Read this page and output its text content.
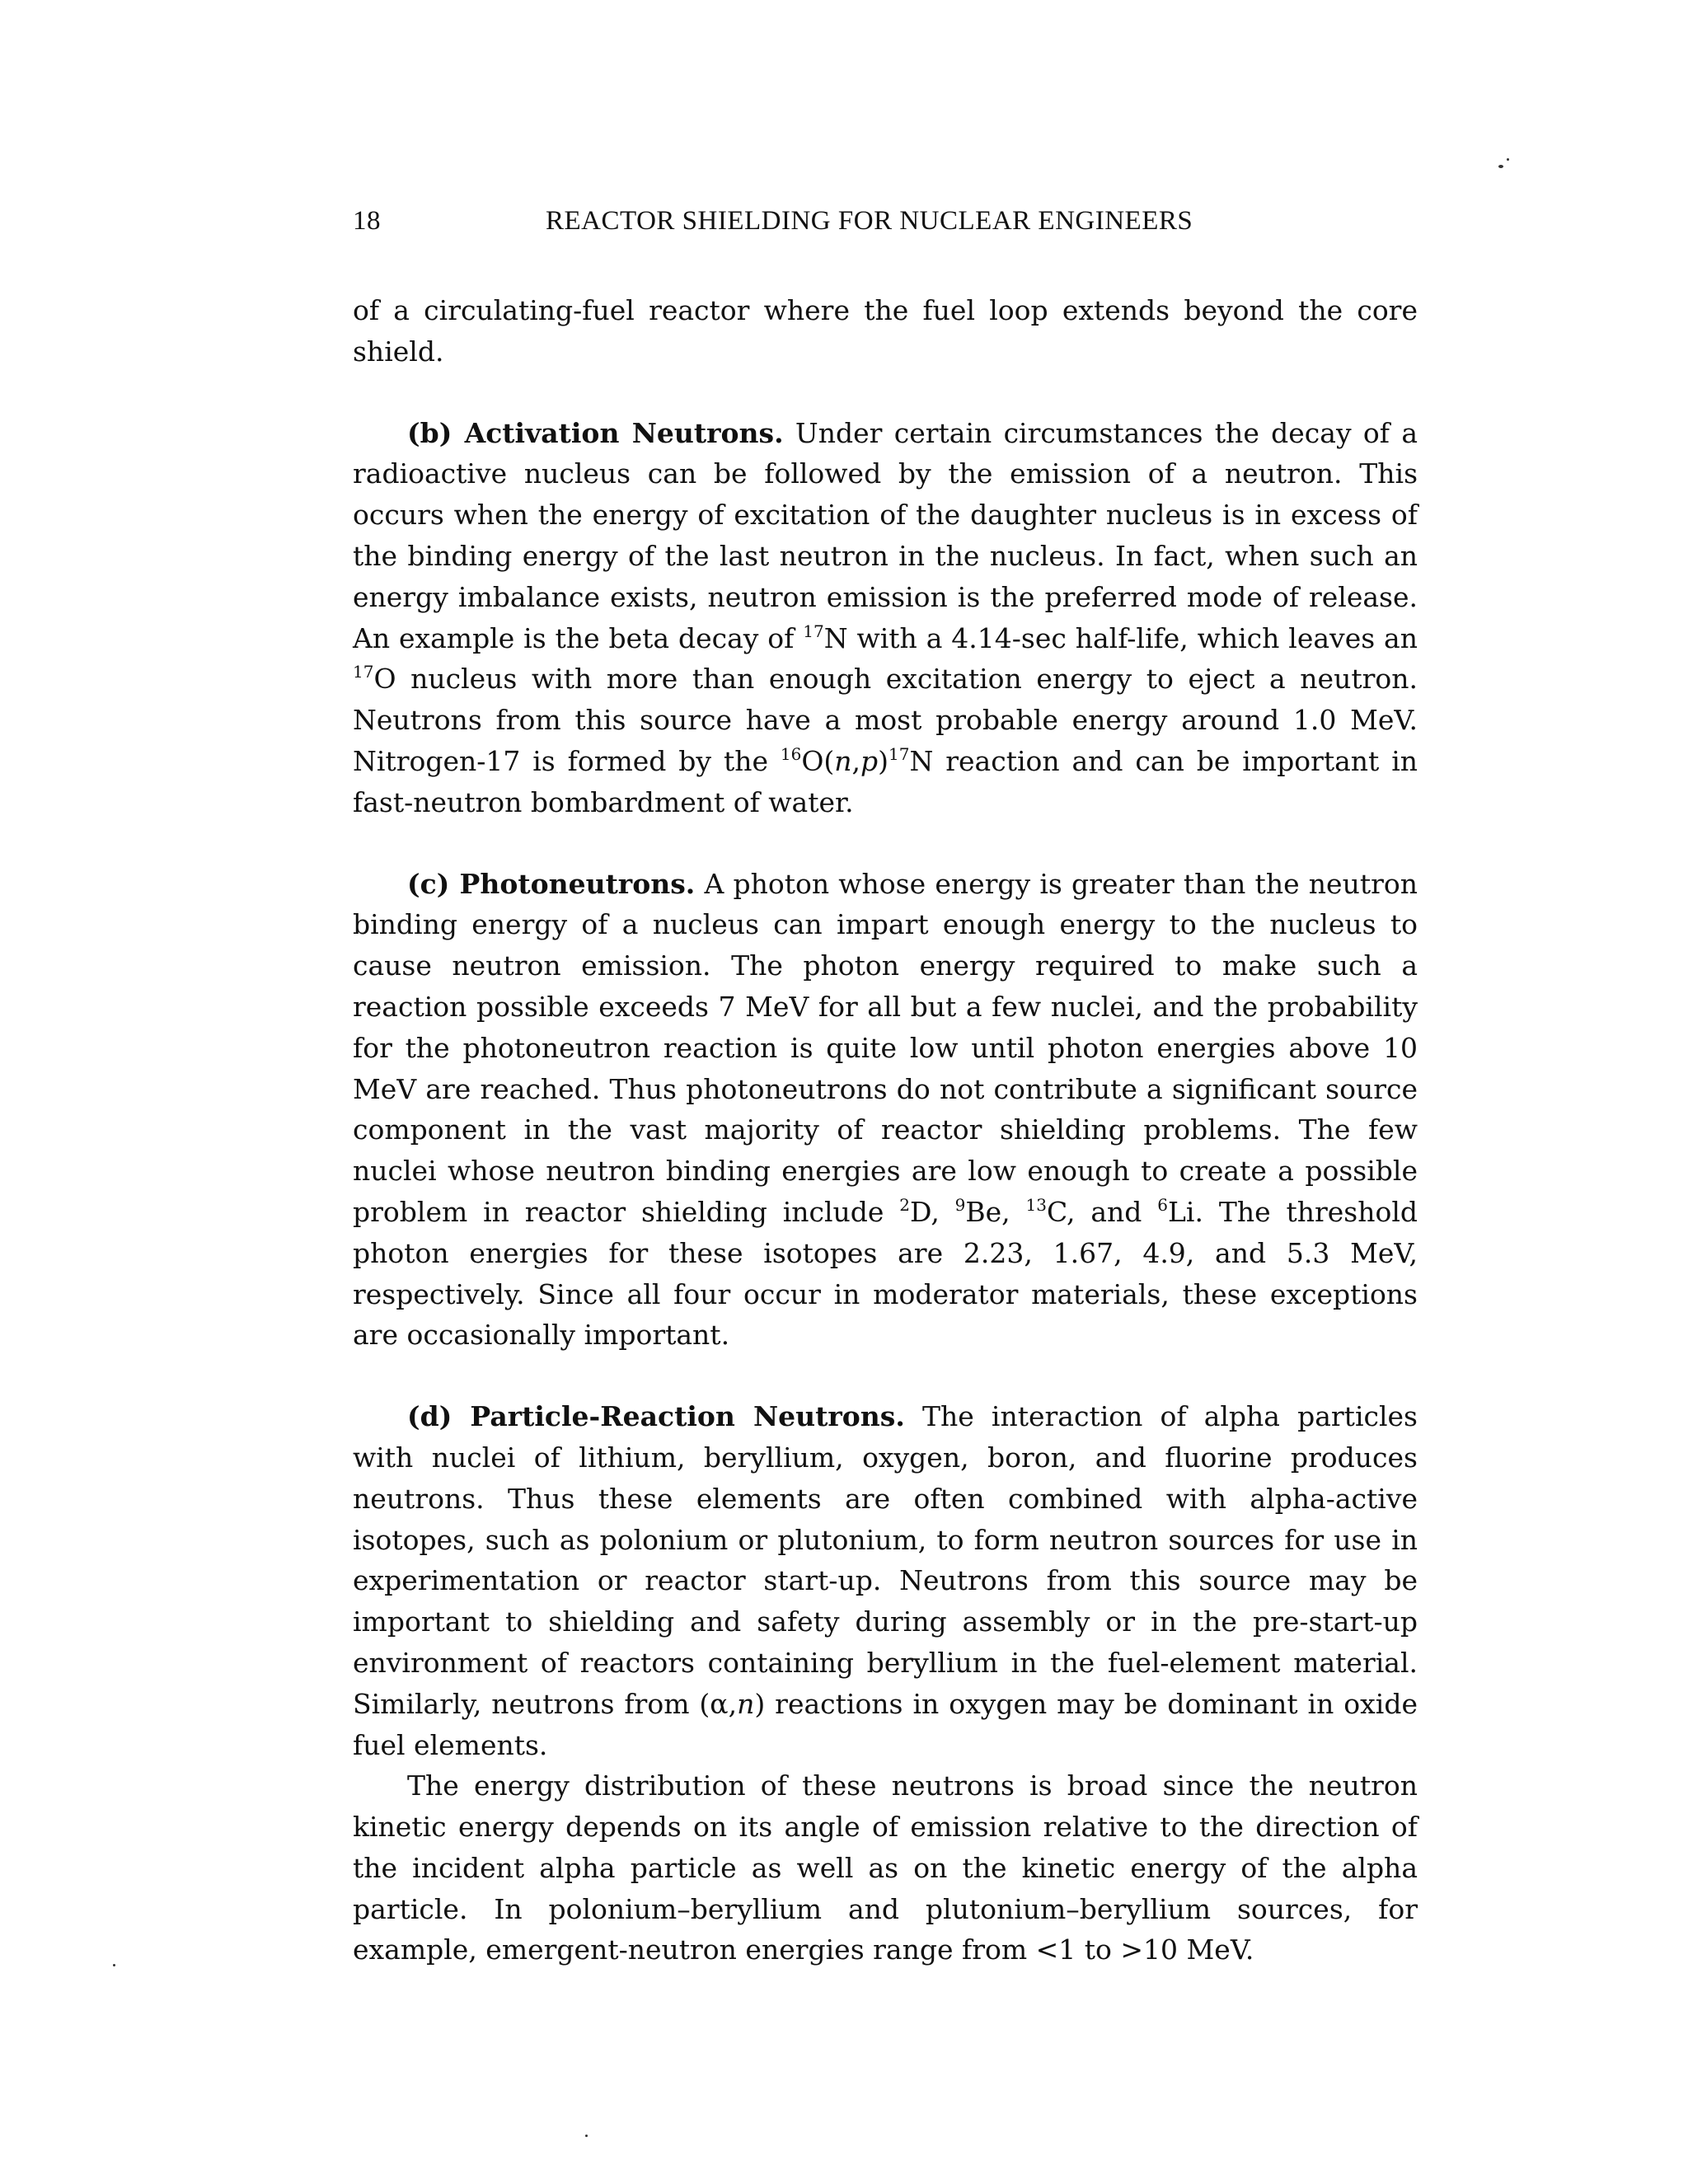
18	REACTOR SHIELDING FOR NUCLEAR ENGINEERS

of a circulating-fuel reactor where the fuel loop extends beyond the core shield.

(b) Activation Neutrons. Under certain circumstances the decay of a radioactive nucleus can be followed by the emission of a neutron. This occurs when the energy of excitation of the daughter nucleus is in excess of the binding energy of the last neutron in the nucleus. In fact, when such an energy imbalance exists, neutron emission is the preferred mode of release. An example is the beta decay of $^{17}$N with a 4.14-sec half-life, which leaves an $^{17}$O nucleus with more than enough excitation energy to eject a neutron. Neutrons from this source have a most probable energy around 1.0 MeV. Nitrogen-17 is formed by the $^{16}O(n,p)^{17}N$ reaction and can be important in fast-neutron bombardment of water.

(c) Photoneutrons. A photon whose energy is greater than the neutron binding energy of a nucleus can impart enough energy to the nucleus to cause neutron emission. The photon energy required to make such a reaction possible exceeds 7 MeV for all but a few nuclei, and the probability for the photoneutron reaction is quite low until photon energies above 10 MeV are reached. Thus photoneutrons do not contribute a significant source component in the vast majority of reactor shielding problems. The few nuclei whose neutron binding energies are low enough to create a possible problem in reactor shielding include $^2$D, $^9$Be, $^{13}$C, and $^6$Li. The threshold photon energies for these isotopes are 2.23, 1.67, 4.9, and 5.3 MeV, respectively. Since all four occur in moderator materials, these exceptions are occasionally important.

(d) Particle-Reaction Neutrons. The interaction of alpha particles with nuclei of lithium, beryllium, oxygen, boron, and fluorine produces neutrons. Thus these elements are often combined with alpha-active isotopes, such as polonium or plutonium, to form neutron sources for use in experimentation or reactor start-up. Neutrons from this source may be important to shielding and safety during assembly or in the pre-start-up environment of reactors containing beryllium in the fuel-element material. Similarly, neutrons from (α,n) reactions in oxygen may be dominant in oxide fuel elements.

The energy distribution of these neutrons is broad since the neutron kinetic energy depends on its angle of emission relative to the direction of the incident alpha particle as well as on the kinetic energy of the alpha particle. In polonium–beryllium and plutonium–beryllium sources, for example, emergent-neutron energies range from <1 to >10 MeV.
